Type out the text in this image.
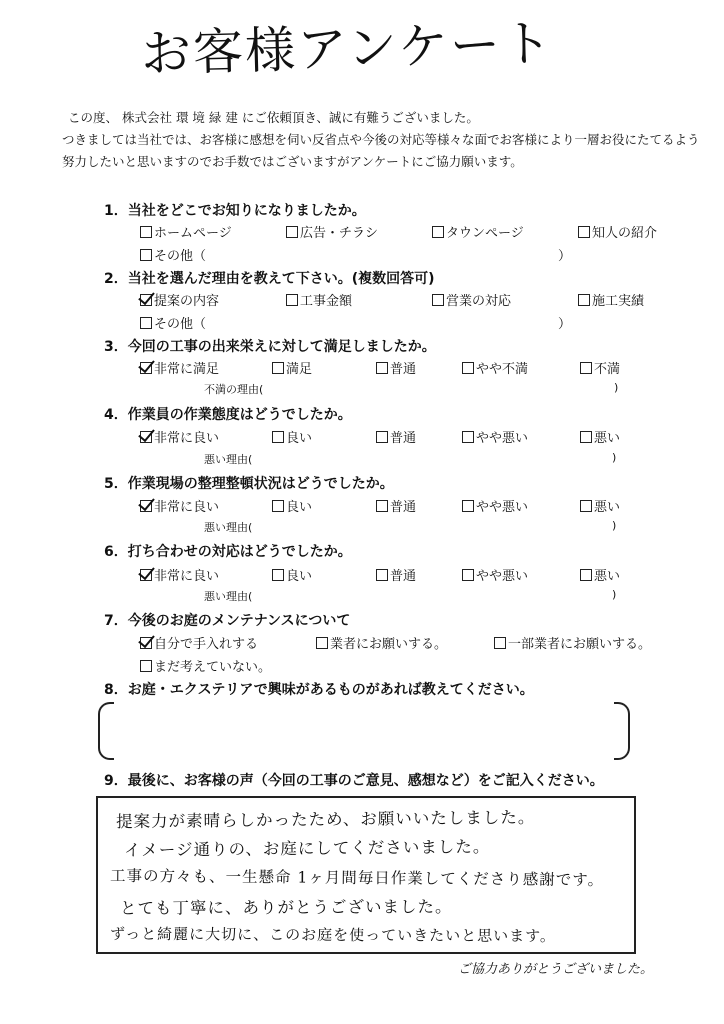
お客様アンケート
この度、 株式会社 環 境 緑 建 にご依頼頂き、誠に有難うございました。
つきましては当社では、お客様に感想を伺い反省点や今後の対応等様々な面でお客様により一層お役にたてるよう
努力したいと思いますのでお手数ではございますがアンケートにご協力願います。
1．当社をどこでお知りになりましたか。
ホームページ	広告・チラシ	タウンページ	知人の紹介
その他（	）
2．当社を選んだ理由を教えて下さい。(複数回答可)
提案の内容	工事金額	営業の対応	施工実績
その他（	）
3．今回の工事の出来栄えに対して満足しましたか。
非常に満足	満足	普通	やや不満	不満
不満の理由(	)
4．作業員の作業態度はどうでしたか。
非常に良い	良い	普通	やや悪い	悪い
悪い理由(	)
5．作業現場の整理整頓状況はどうでしたか。
非常に良い	良い	普通	やや悪い	悪い
悪い理由(	)
6．打ち合わせの対応はどうでしたか。
非常に良い	良い	普通	やや悪い	悪い
悪い理由(	)
7．今後のお庭のメンテナンスについて
自分で手入れする	業者にお願いする。	一部業者にお願いする。
まだ考えていない。
8．お庭・エクステリアで興味があるものがあれば教えてください。
9．最後に、お客様の声（今回の工事のご意見、感想など）をご記入ください。
提案力が素晴らしかったため、お願いいたしました。
イメージ通りの、お庭にしてくださいました。
工事の方々も、一生懸命 1ヶ月間毎日作業してくださり感謝です。
とても丁寧に、ありがとうございました。
ずっと綺麗に大切に、このお庭を使っていきたいと思います。
ご協力ありがとうございました。
